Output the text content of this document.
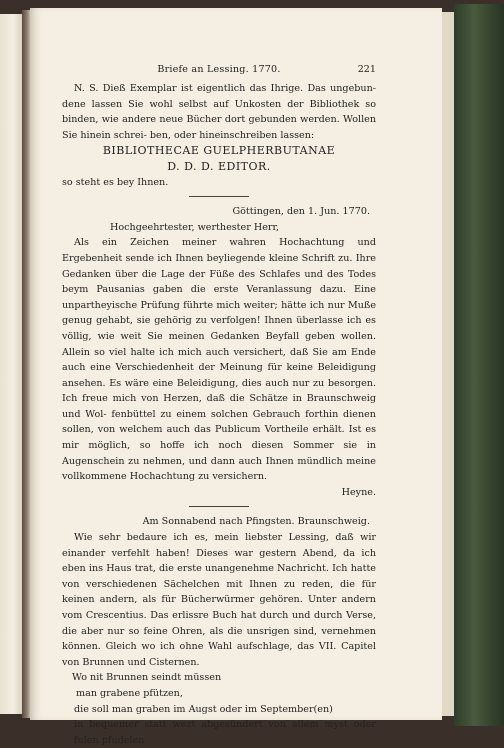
Briefe an Lessing. 1770.	221

N. S. Dieß Exemplar ist eigentlich das Ihrige. Das ungebun- dene lassen Sie wohl selbst auf Unkosten der Bibliothek so binden, wie andere neue Bücher dort gebunden werden. Wollen Sie hinein schrei- ben, oder hineinschreiben lassen:

BIBLIOTHECAE GUELPHERBUTANAE

D. D. D. EDITOR.

so steht es bey Ihnen.

Göttingen, den 1. Jun. 1770.

Hochgeehrtester, werthester Herr,

Als ein Zeichen meiner wahren Hochachtung und Ergebenheit sende ich Ihnen beyliegende kleine Schrift zu. Ihre Gedanken über die Lage der Füße des Schlafes und des Todes beym Pausanias gaben die erste Veranlassung dazu. Eine unpartheyische Prüfung führte mich weiter; hätte ich nur Muße genug gehabt, sie gehörig zu verfolgen! Ihnen überlasse ich es völlig, wie weit Sie meinen Gedanken Beyfall geben wollen. Allein so viel halte ich mich auch versichert, daß Sie am Ende auch eine Verschiedenheit der Meinung für keine Beleidigung ansehen. Es wäre eine Beleidigung, dies auch nur zu besorgen. Ich freue mich von Herzen, daß die Schätze in Braunschweig und Wol- fenbüttel zu einem solchen Gebrauch forthin dienen sollen, von welchem auch das Publicum Vortheile erhält. Ist es mir möglich, so hoffe ich noch diesen Sommer sie in Augenschein zu nehmen, und dann auch Ihnen mündlich meine vollkommene Hochachtung zu versichern.

Heyne.

Am Sonnabend nach Pfingsten. Braunschweig.

Wie sehr bedaure ich es, mein liebster Lessing, daß wir einander verfehlt haben! Dieses war gestern Abend, da ich eben ins Haus trat, die erste unangenehme Nachricht. Ich hatte von verschiedenen Sächelchen mit Ihnen zu reden, die für keinen andern, als für Bücherwürmer gehören. Unter andern vom Crescentius. Das erlissre Buch hat durch und durch Verse, die aber nur so feine Ohren, als die unsrigen sind, vernehmen können. Gleich wo ich ohne Wahl aufschlage, das VII. Capitel von Brunnen und Cisternen.

Wo nit Brunnen seindt müssen

man grabene pfützen,

die soll man graben im Augst oder im September(en)

in bequemer statt wezt abgesündert von allem myst oder fulen pfudelen
